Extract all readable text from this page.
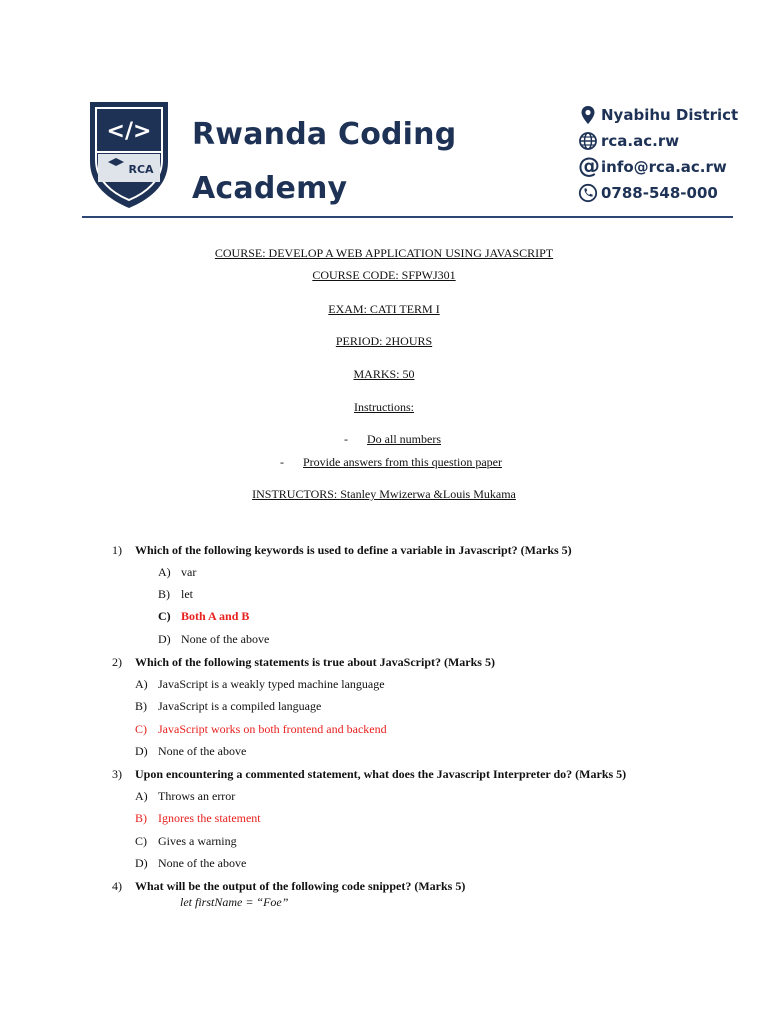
</>
RCA
Rwanda Coding
Academy
Nyabihu District
rca.ac.rw
@ info@rca.ac.rw
0788-548-000
COURSE: DEVELOP A WEB APPLICATION USING JAVASCRIPT
COURSE CODE: SFPWJ301
EXAM: CATI TERM I
PERIOD: 2HOURS
MARKS: 50
Instructions:
- Do all numbers
- Provide answers from this question paper
INSTRUCTORS: Stanley Mwizerwa &Louis Mukama
1) Which of the following keywords is used to define a variable in Javascript? (Marks 5)
A) var
B) let
C) Both A and B
D) None of the above
2) Which of the following statements is true about JavaScript? (Marks 5)
A) JavaScript is a weakly typed machine language
B) JavaScript is a compiled language
C) JavaScript works on both frontend and backend
D) None of the above
3) Upon encountering a commented statement, what does the Javascript Interpreter do? (Marks 5)
A) Throws an error
B) Ignores the statement
C) Gives a warning
D) None of the above
4) What will be the output of the following code snippet? (Marks 5)
let firstName = “Foe”
